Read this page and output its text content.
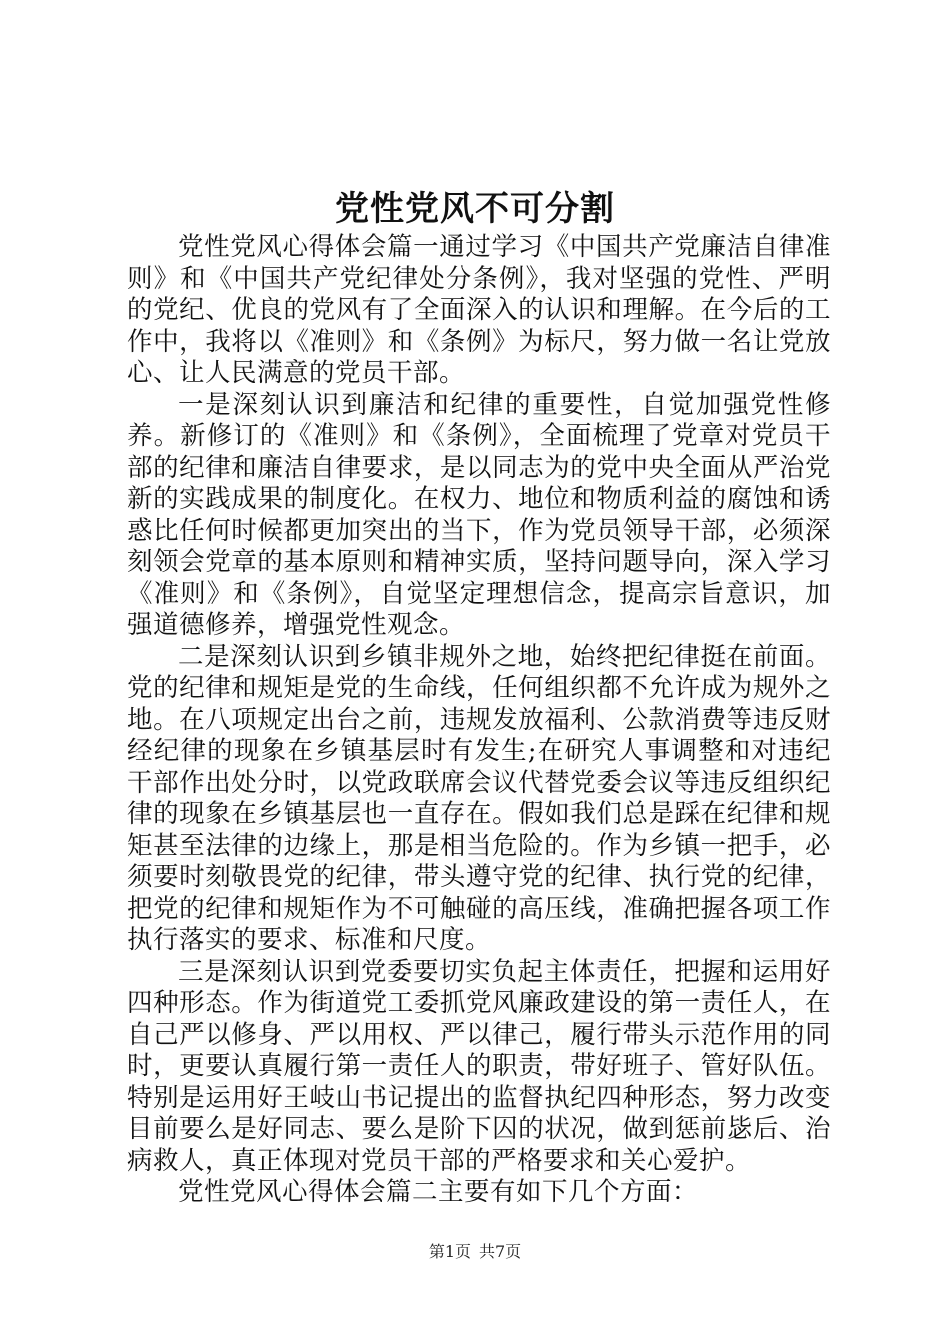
党性党风不可分割

党性党风心得体会篇一通过学习《中国共产党廉洁自律准则》和《中国共产党纪律处分条例》，我对坚强的党性、严明的党纪、优良的党风有了全面深入的认识和理解。在今后的工作中，我将以《准则》和《条例》为标尺，努力做一名让党放心、让人民满意的党员干部。

一是深刻认识到廉洁和纪律的重要性，自觉加强党性修养。新修订的《准则》和《条例》，全面梳理了党章对党员干部的纪律和廉洁自律要求，是以同志为的党中央全面从严治党新的实践成果的制度化。在权力、地位和物质利益的腐蚀和诱惑比任何时候都更加突出的当下，作为党员领导干部，必须深刻领会党章的基本原则和精神实质，坚持问题导向，深入学习《准则》和《条例》，自觉坚定理想信念，提高宗旨意识，加强道德修养，增强党性观念。

二是深刻认识到乡镇非规外之地，始终把纪律挺在前面。党的纪律和规矩是党的生命线，任何组织都不允许成为规外之地。在八项规定出台之前，违规发放福利、公款消费等违反财经纪律的现象在乡镇基层时有发生;在研究人事调整和对违纪干部作出处分时，以党政联席会议代替党委会议等违反组织纪律的现象在乡镇基层也一直存在。假如我们总是踩在纪律和规矩甚至法律的边缘上，那是相当危险的。作为乡镇一把手，必须要时刻敬畏党的纪律，带头遵守党的纪律、执行党的纪律，把党的纪律和规矩作为不可触碰的高压线，准确把握各项工作执行落实的要求、标准和尺度。

三是深刻认识到党委要切实负起主体责任，把握和运用好四种形态。作为街道党工委抓党风廉政建设的第一责任人，在自己严以修身、严以用权、严以律己，履行带头示范作用的同时，更要认真履行第一责任人的职责，带好班子、管好队伍。特别是运用好王岐山书记提出的监督执纪四种形态，努力改变目前要么是好同志、要么是阶下囚的状况，做到惩前毖后、治病救人，真正体现对党员干部的严格要求和关心爱护。

党性党风心得体会篇二主要有如下几个方面：

第1页 共7页
